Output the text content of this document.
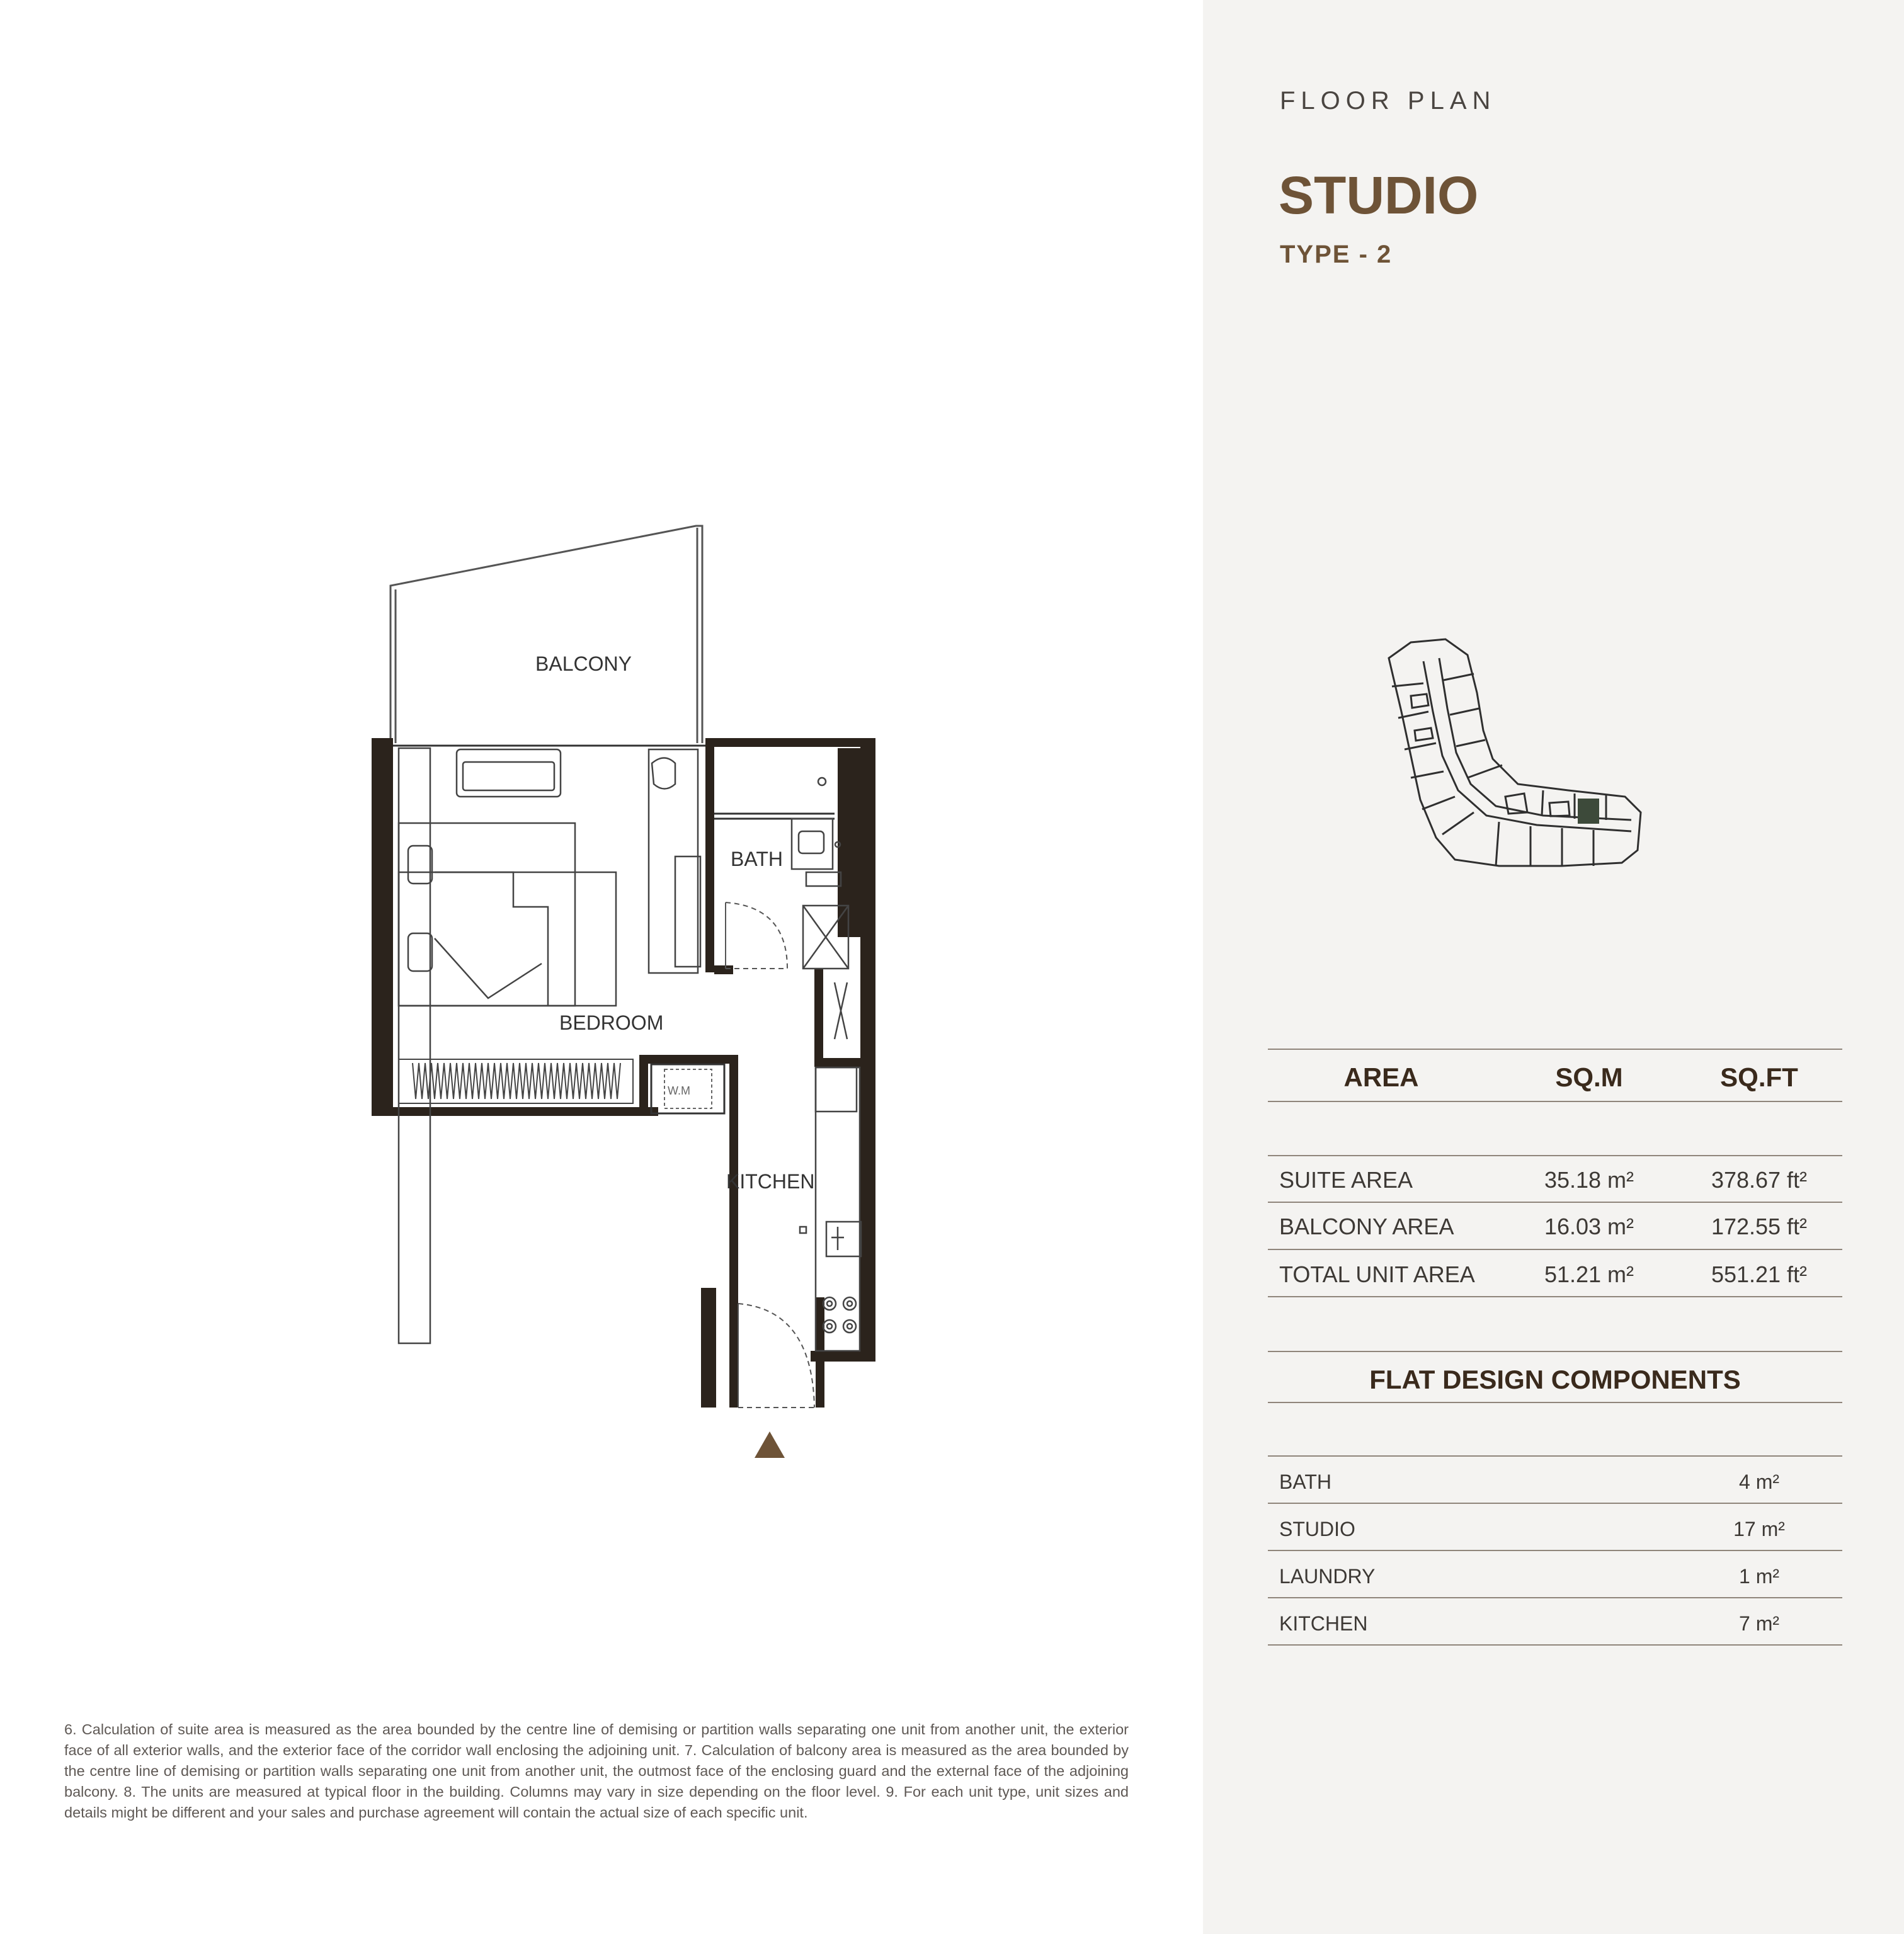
FLOOR PLAN
STUDIO
TYPE - 2
AREA	SQ.M	SQ.FT
SUITE AREA	35.18 m²	378.67 ft²
BALCONY AREA	16.03 m²	172.55 ft²
TOTAL UNIT AREA	51.21 m²	551.21 ft²
FLAT DESIGN COMPONENTS
BATH	4 m²
STUDIO	17 m²
LAUNDRY	1 m²
KITCHEN	7 m²
BALCONY
BATH
BEDROOM
W.M
KITCHEN
6. Calculation of suite area is measured as the area bounded by the centre line of demising or partition walls separating one unit from another unit, the exterior face of all exterior walls, and the exterior face of the corridor wall enclosing the adjoining unit. 7. Calculation of balcony area is measured as the area bounded by the centre line of demising or partition walls separating one unit from another unit, the outmost face of the enclosing guard and the external face of the adjoining balcony. 8. The units are measured at typical floor in the building. Columns may vary in size depending on the floor level. 9. For each unit type, unit sizes and details might be different and your sales and purchase agreement will contain the actual size of each specific unit.
